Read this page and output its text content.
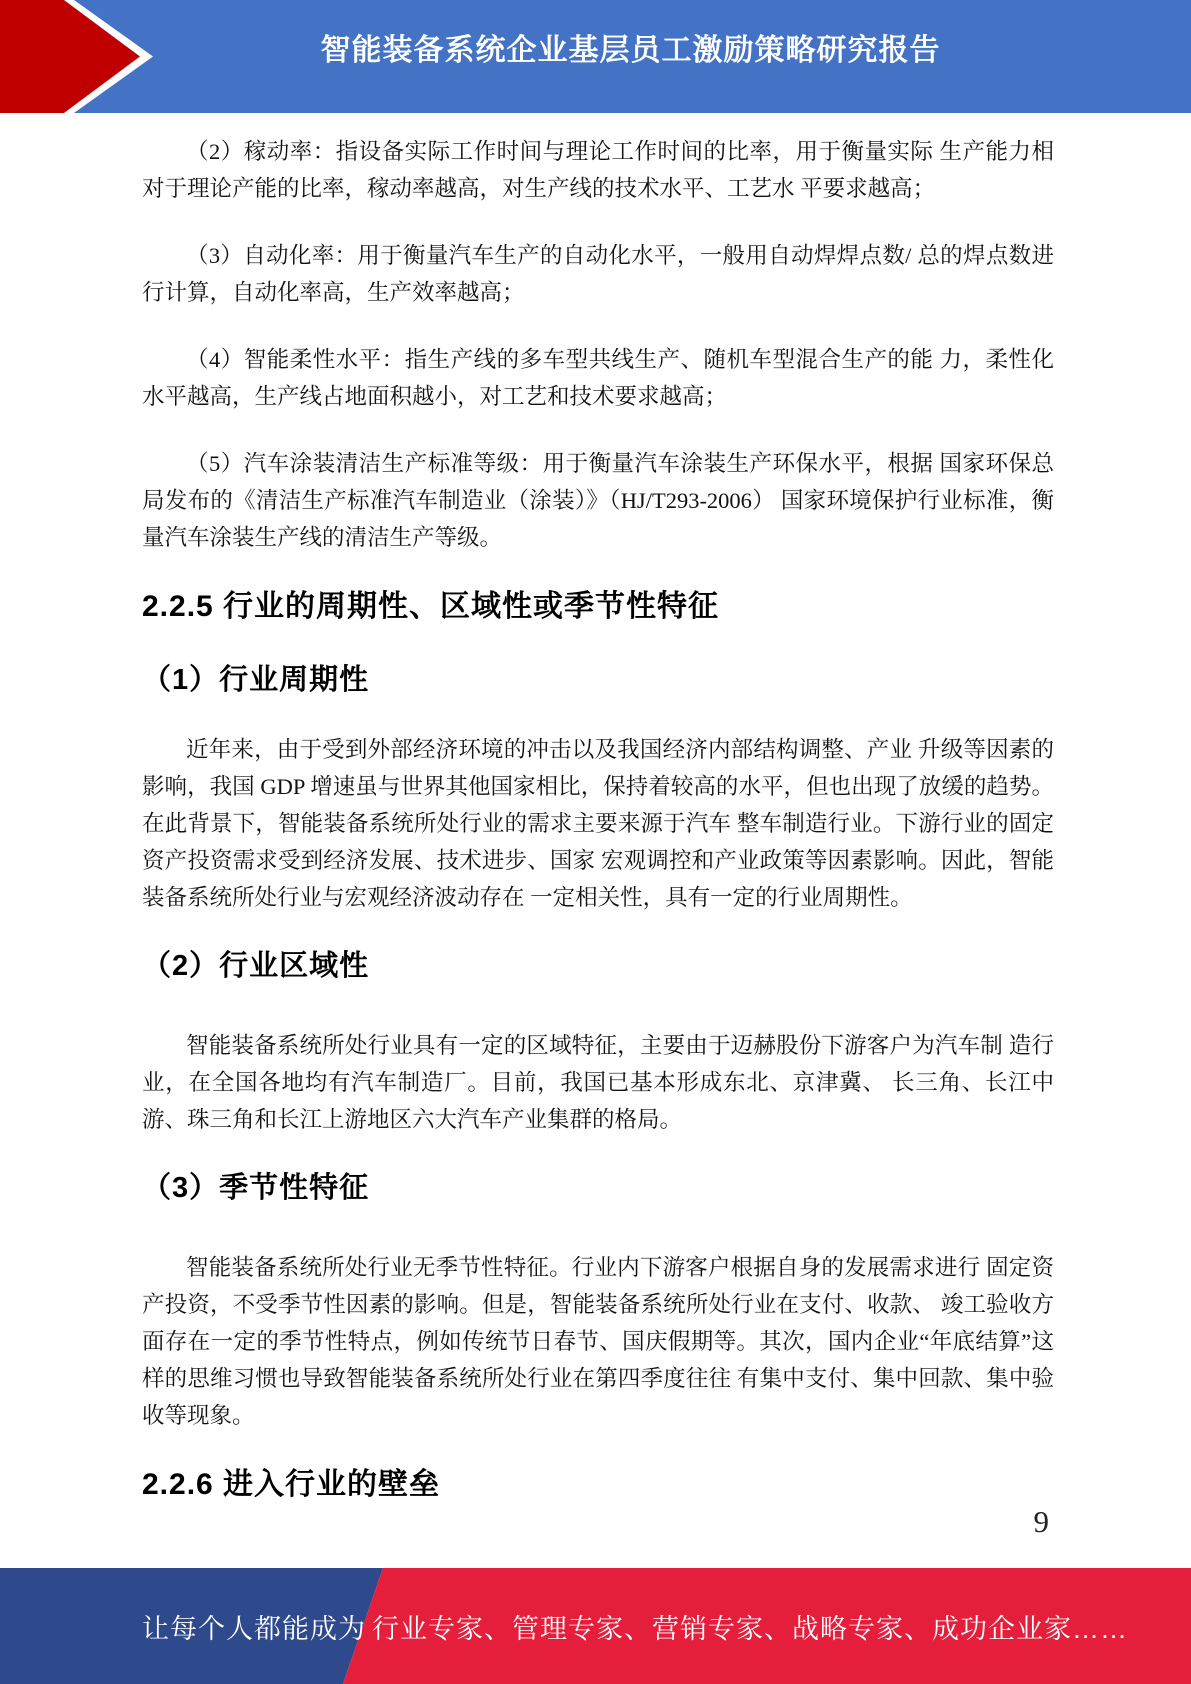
智能装备系统企业基层员工激励策略研究报告

（2）稼动率：指设备实际工作时间与理论工作时间的比率，用于衡量实际 生产能力相对于理论产能的比率，稼动率越高，对生产线的技术水平、工艺水 平要求越高；

（3）自动化率：用于衡量汽车生产的自动化水平，一般用自动焊焊点数/ 总的焊点数进行计算，自动化率高，生产效率越高；

（4）智能柔性水平：指生产线的多车型共线生产、随机车型混合生产的能 力，柔性化水平越高，生产线占地面积越小，对工艺和技术要求越高；

（5）汽车涂装清洁生产标准等级：用于衡量汽车涂装生产环保水平，根据 国家环保总局发布的《清洁生产标准汽车制造业（涂装）》（HJ/T293-2006） 国家环境保护行业标准，衡量汽车涂装生产线的清洁生产等级。

2.2.5 行业的周期性、区域性或季节性特征
（1）行业周期性

近年来，由于受到外部经济环境的冲击以及我国经济内部结构调整、产业 升级等因素的影响，我国 GDP 增速虽与世界其他国家相比，保持着较高的水平，但也出现了放缓的趋势。在此背景下，智能装备系统所处行业的需求主要来源于汽车 整车制造行业。下游行业的固定资产投资需求受到经济发展、技术进步、国家 宏观调控和产业政策等因素影响。因此，智能装备系统所处行业与宏观经济波动存在 一定相关性，具有一定的行业周期性。

（2）行业区域性

智能装备系统所处行业具有一定的区域特征，主要由于迈赫股份下游客户为汽车制 造行业，在全国各地均有汽车制造厂。目前，我国已基本形成东北、京津冀、 长三角、长江中游、珠三角和长江上游地区六大汽车产业集群的格局。

（3）季节性特征

智能装备系统所处行业无季节性特征。行业内下游客户根据自身的发展需求进行 固定资产投资，不受季节性因素的影响。但是，智能装备系统所处行业在支付、收款、 竣工验收方面存在一定的季节性特点，例如传统节日春节、国庆假期等。其次，国内企业“年底结算”这样的思维习惯也导致智能装备系统所处行业在第四季度往往 有集中支付、集中回款、集中验收等现象。

2.2.6 进入行业的壁垒
9
让每个人都能成为 行业专家、管理专家、营销专家、战略专家、成功企业家……
